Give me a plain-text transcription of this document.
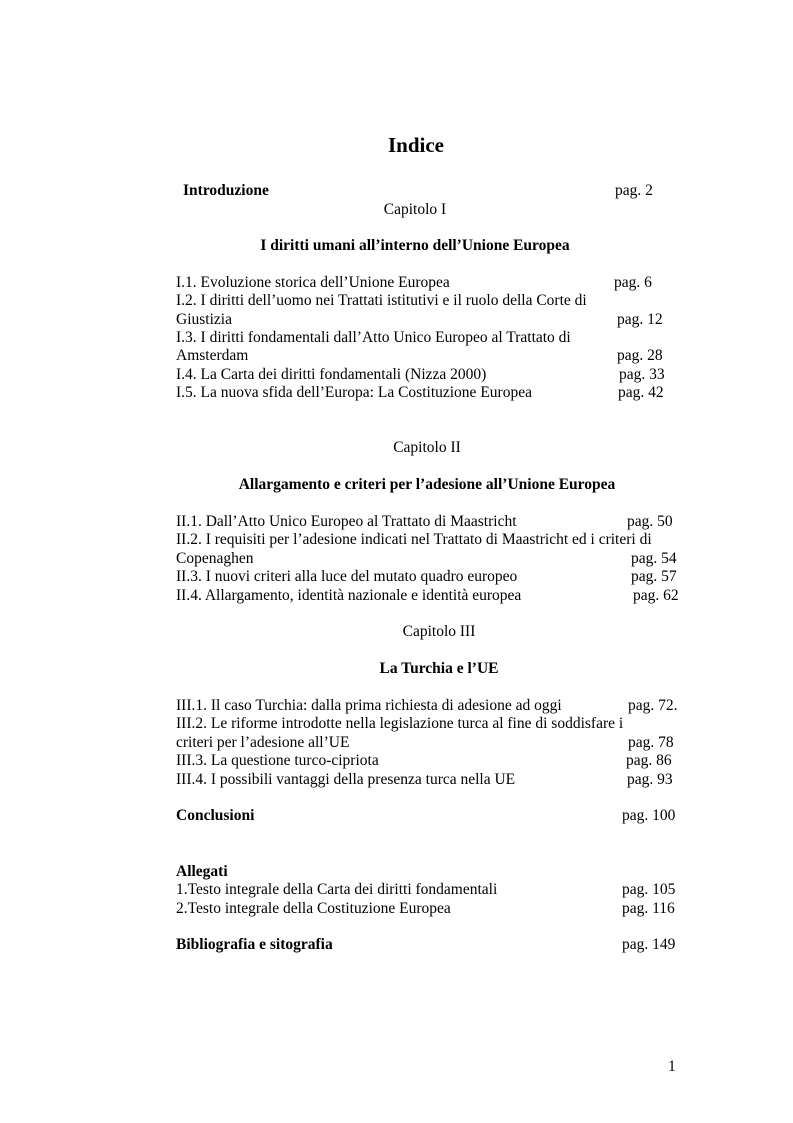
Indice
Introduzione	pag. 2
Capitolo I
I diritti umani all’interno dell’Unione Europea
I.1. Evoluzione storica dell’Unione Europea	pag. 6
I.2. I diritti dell’uomo nei Trattati istitutivi e il ruolo della Corte di
Giustizia	pag. 12
I.3. I diritti fondamentali dall’Atto Unico Europeo al Trattato di
Amsterdam	pag. 28
I.4. La Carta dei diritti fondamentali (Nizza 2000)	pag. 33
I.5. La nuova sfida dell’Europa: La Costituzione Europea	pag. 42
Capitolo II
Allargamento e criteri per l’adesione all’Unione Europea
II.1. Dall’Atto Unico Europeo al Trattato di Maastricht	pag. 50
II.2. I requisiti per l’adesione indicati nel Trattato di Maastricht ed i criteri di
Copenaghen	pag. 54
II.3. I nuovi criteri alla luce del mutato quadro europeo	pag. 57
II.4. Allargamento, identità nazionale e identità europea	pag. 62
Capitolo III
La Turchia e l’UE
III.1. Il caso Turchia: dalla prima richiesta di adesione ad oggi	pag. 72.
III.2. Le riforme introdotte nella legislazione turca al fine di soddisfare i
criteri per l’adesione all’UE	pag. 78
III.3. La questione turco-cipriota	pag. 86
III.4. I possibili vantaggi della presenza turca nella UE	pag. 93
Conclusioni	pag. 100
Allegati
1.Testo integrale della Carta dei diritti fondamentali	pag. 105
2.Testo integrale della Costituzione Europea	pag. 116
Bibliografia e sitografia	pag. 149
1
